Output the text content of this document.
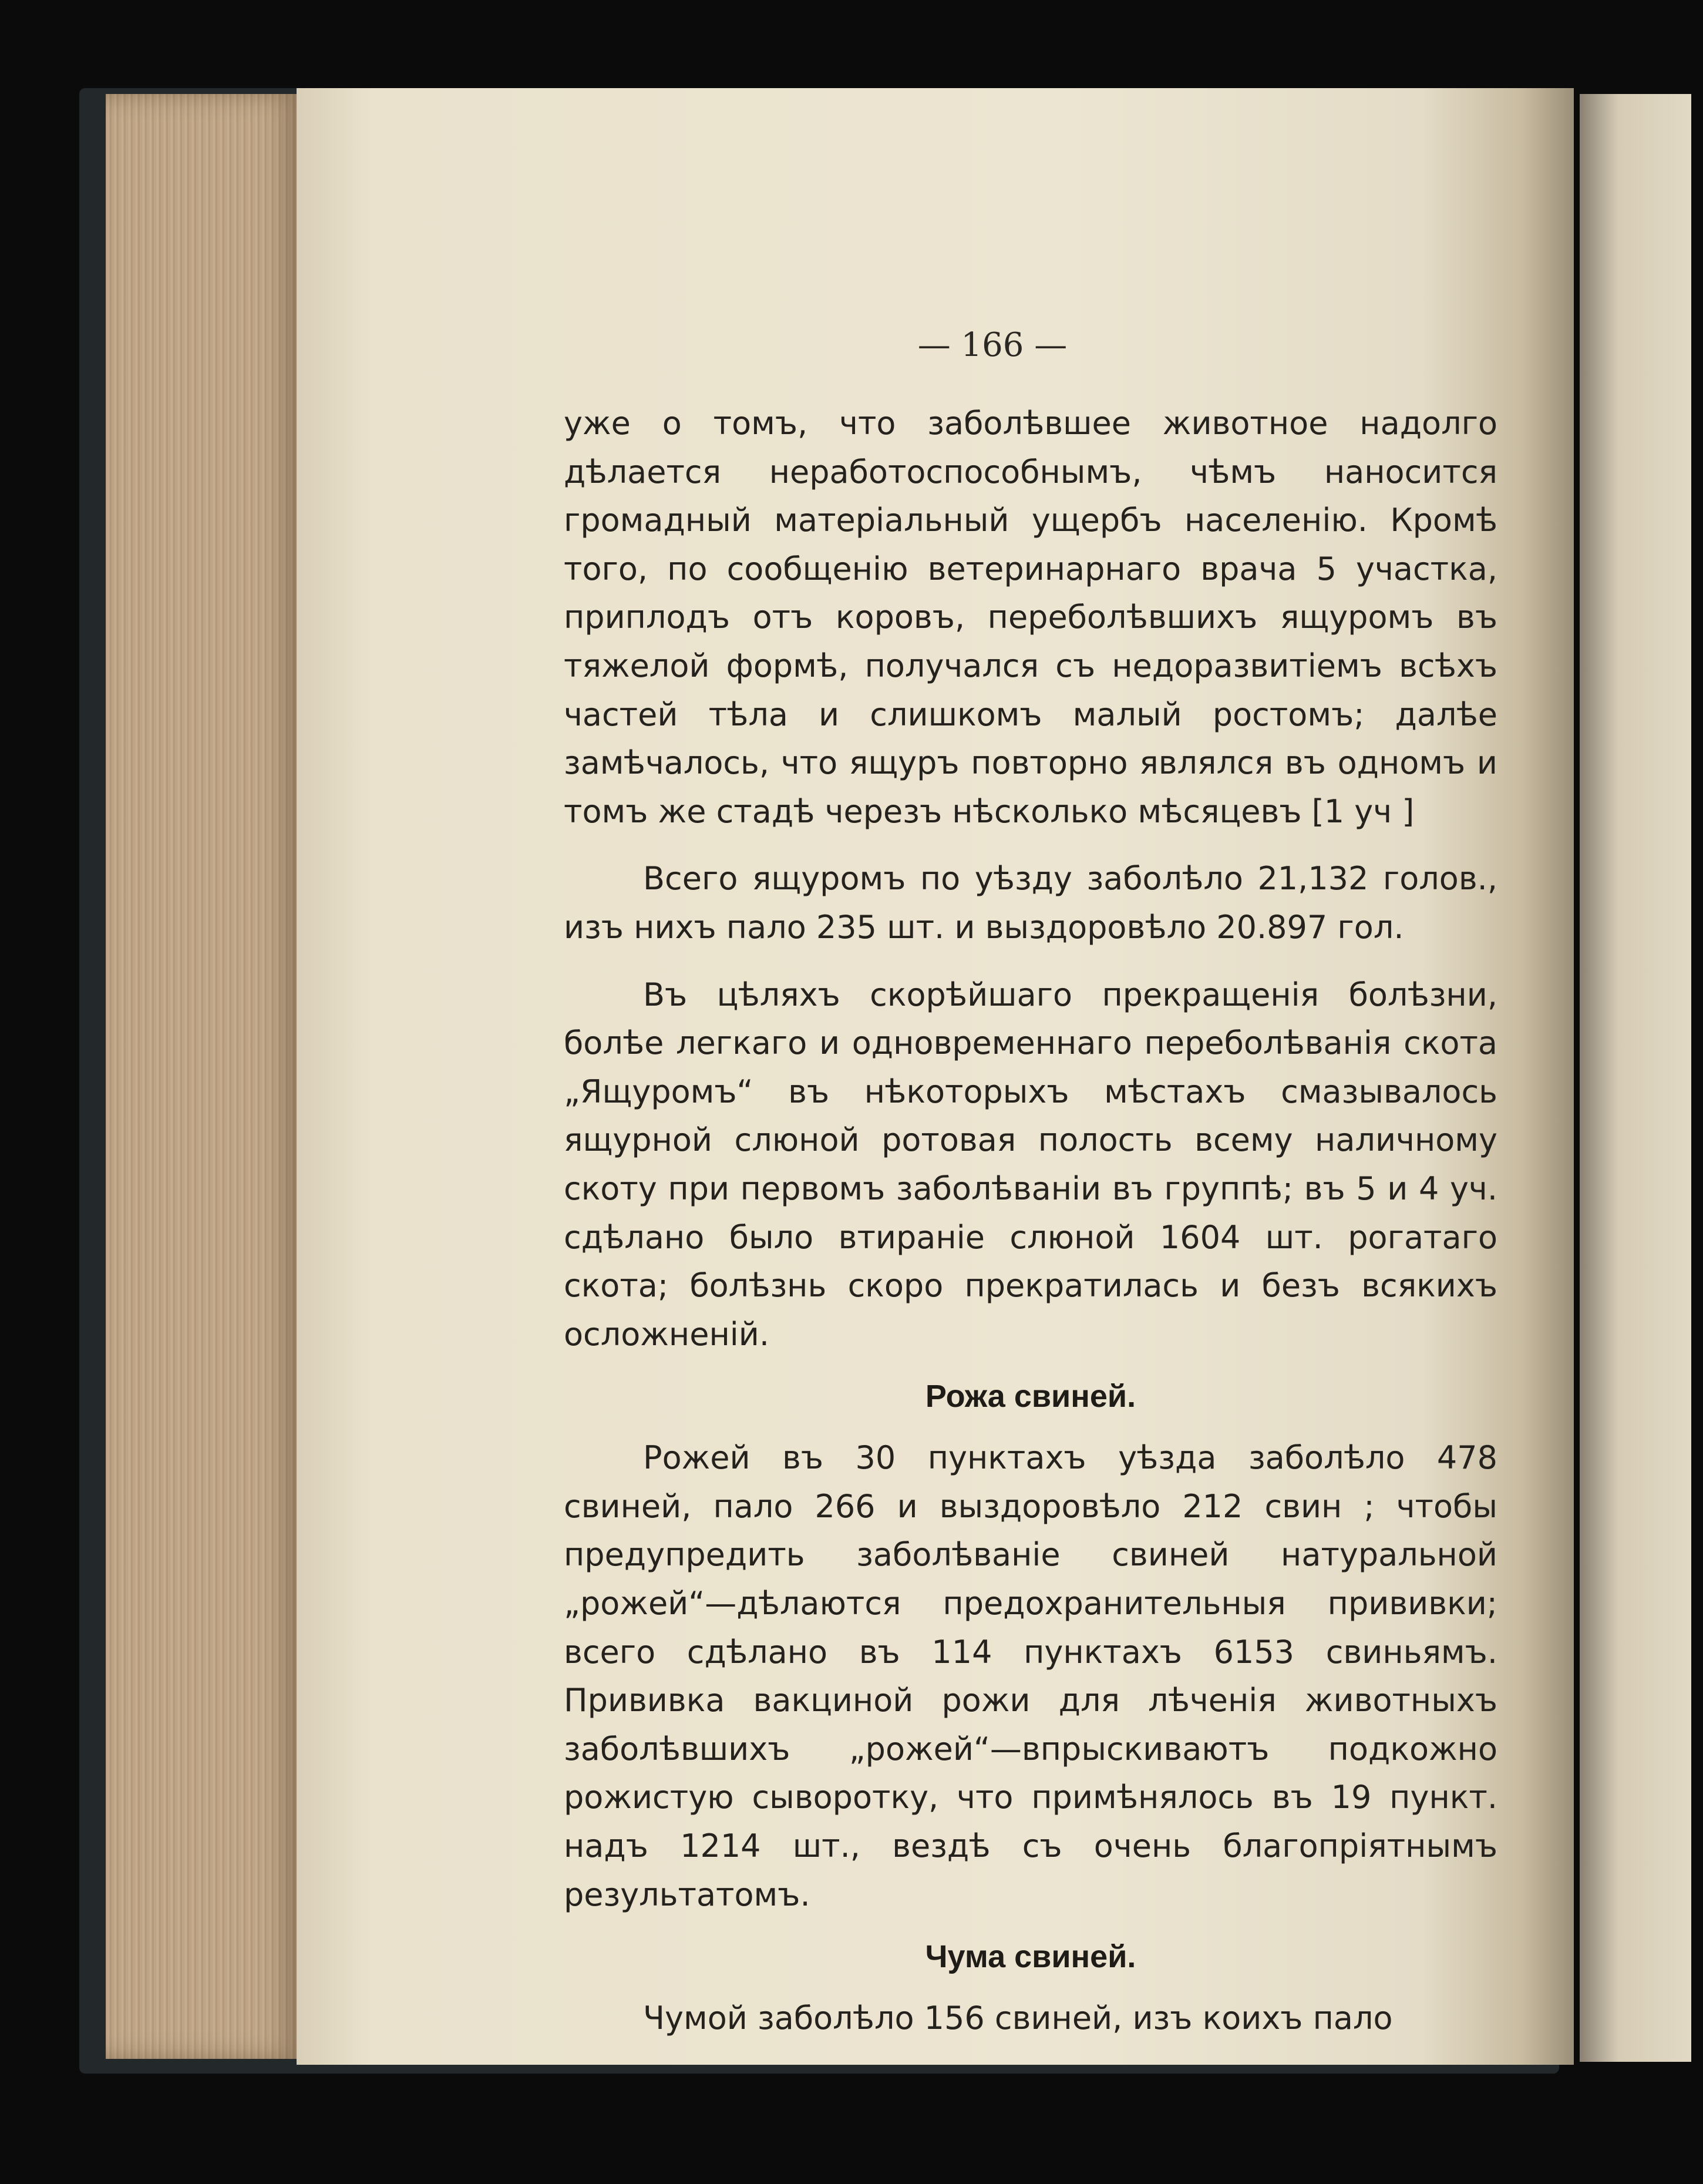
— 166 —

уже о томъ, что заболѣвшее животное надолго дѣлается неработоспособнымъ, чѣмъ наносится громадный матеріальный ущербъ населенію. Кромѣ того, по сообщенію ветеринарнаго врача 5 участка, приплодъ отъ коровъ, переболѣвшихъ ящуромъ въ тяжелой формѣ, получался съ недоразвитіемъ всѣхъ частей тѣла и слишкомъ малый ростомъ; далѣе замѣчалось, что ящуръ повторно являлся въ одномъ и томъ же стадѣ черезъ нѣсколько мѣсяцевъ [1 уч ]

Всего ящуромъ по уѣзду заболѣло 21,132 голов., изъ нихъ пало 235 шт. и выздоровѣло 20.897 гол.

Въ цѣляхъ скорѣйшаго прекращенія болѣзни, болѣе легкаго и одновременнаго переболѣванія скота „Ящуромъ“ въ нѣкоторыхъ мѣстахъ смазывалось ящурной слюной ротовая полость всему наличному скоту при первомъ заболѣваніи въ группѣ; въ 5 и 4 уч. сдѣлано было втираніе слюной 1604 шт. рогатаго скота; болѣзнь скоро прекратилась и безъ всякихъ осложненій.

Рожа свиней.

Рожей въ 30 пунктахъ уѣзда заболѣло 478 свиней, пало 266 и выздоровѣло 212 свин ; чтобы предупредить заболѣваніе свиней натуральной „рожей“—дѣлаются предохранительныя прививки; всего сдѣлано въ 114 пунктахъ 6153 свиньямъ. Прививка вакциной рожи для лѣченія животныхъ заболѣвшихъ „рожей“—впрыскиваютъ подкожно рожистую сыворотку, что примѣнялось въ 19 пункт. надъ 1214 шт., вездѣ съ очень благопріятнымъ результатомъ.

Чума свиней.

Чумой заболѣло 156 свиней, изъ коихъ пало
